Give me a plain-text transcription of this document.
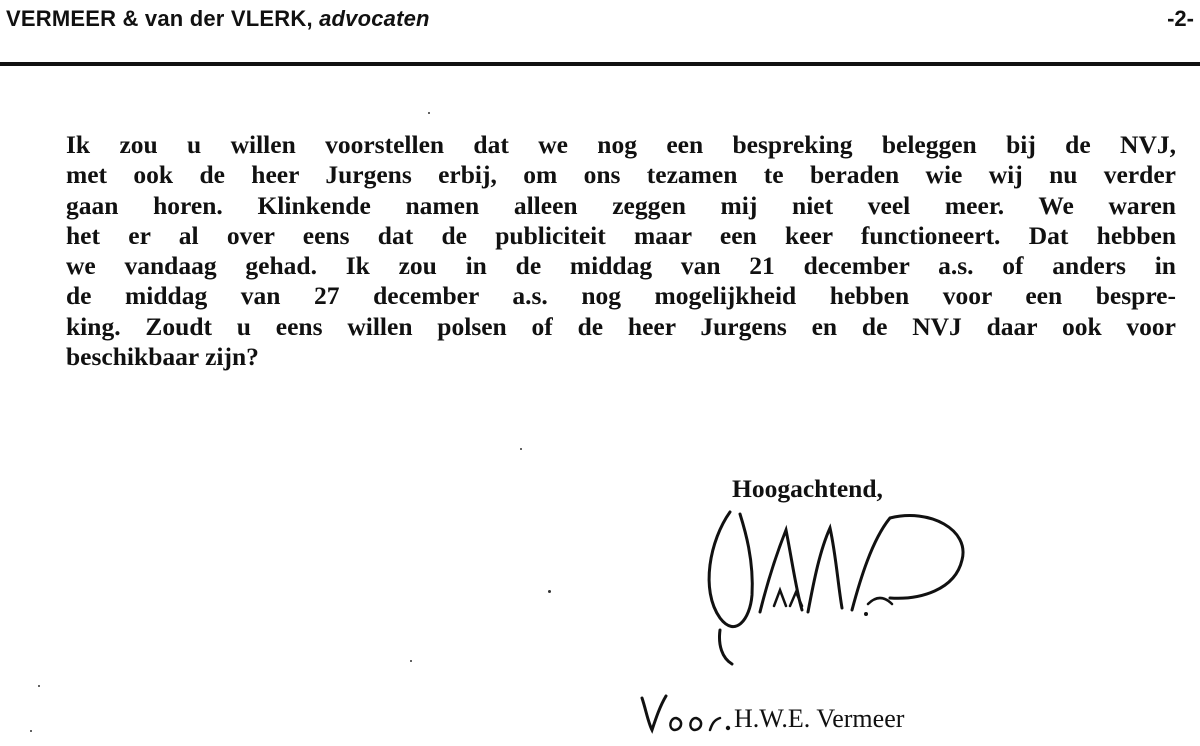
VERMEER & van der VLERK, advocaten	-2-
Ik zou u willen voorstellen dat we nog een bespreking beleggen bij de NVJ,
met ook de heer Jurgens erbij, om ons tezamen te beraden wie wij nu verder
gaan horen. Klinkende namen alleen zeggen mij niet veel meer. We waren
het er al over eens dat de publiciteit maar een keer functioneert. Dat hebben
we vandaag gehad. Ik zou in de middag van 21 december a.s. of anders in
de middag van 27 december a.s. nog mogelijkheid hebben voor een bespre-
king. Zoudt u eens willen polsen of de heer Jurgens en de NVJ daar ook voor
beschikbaar zijn?
Hoogachtend,
H.W.E. Vermeer
